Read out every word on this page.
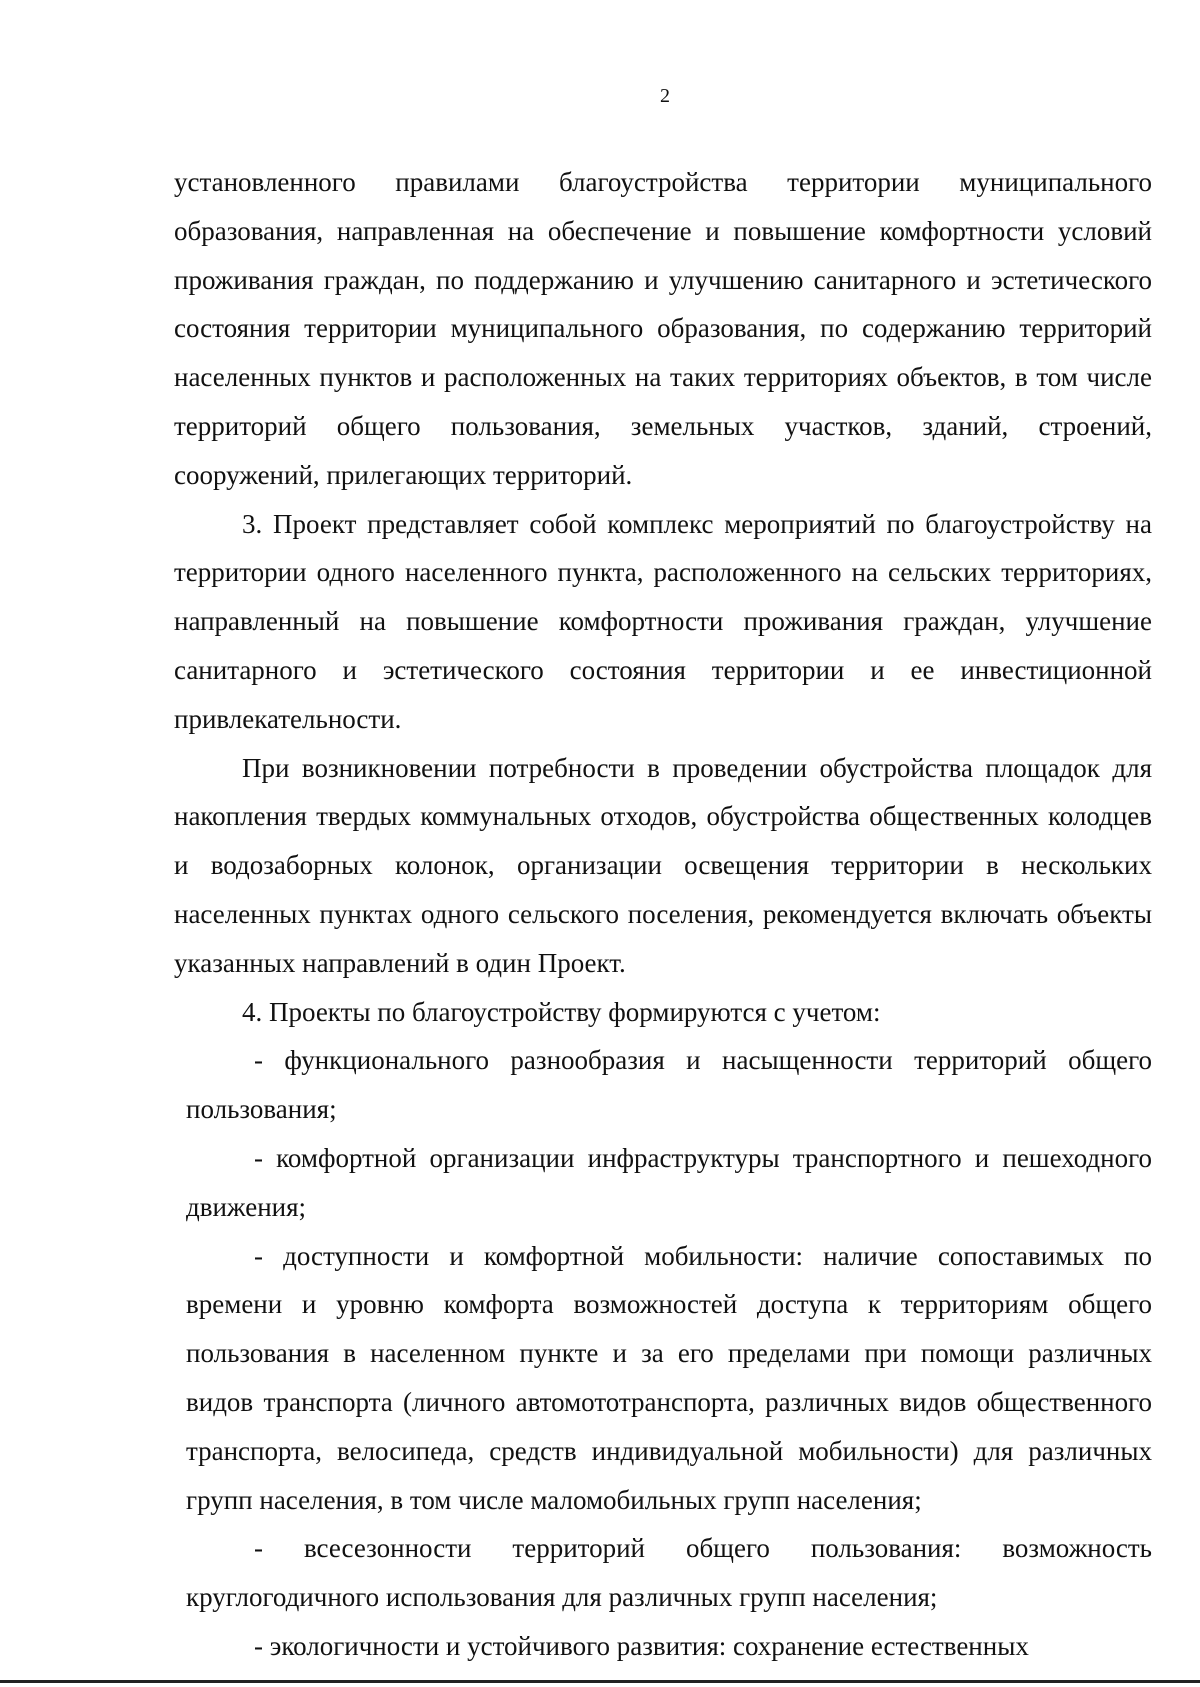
2

установленного правилами благоустройства территории муниципального образования, направленная на обеспечение и повышение комфортности условий проживания граждан, по поддержанию и улучшению санитарного и эстетического состояния территории муниципального образования, по содержанию территорий населенных пунктов и расположенных на таких территориях объектов, в том числе территорий общего пользования, земельных участков, зданий, строений, сооружений, прилегающих территорий.

3. Проект представляет собой комплекс мероприятий по благоустройству на территории одного населенного пункта, расположенного на сельских территориях, направленный на повышение комфортности проживания граждан, улучшение санитарного и эстетического состояния территории и ее инвестиционной привлекательности.

При возникновении потребности в проведении обустройства площадок для накопления твердых коммунальных отходов, обустройства общественных колодцев и водозаборных колонок, организации освещения территории в нескольких населенных пунктах одного сельского поселения, рекомендуется включать объекты указанных направлений в один Проект.

4. Проекты по благоустройству формируются с учетом:

- функционального разнообразия и насыщенности территорий общего пользования;

- комфортной организации инфраструктуры транспортного и пешеходного движения;

- доступности и комфортной мобильности: наличие сопоставимых по времени и уровню комфорта возможностей доступа к территориям общего пользования в населенном пункте и за его пределами при помощи различных видов транспорта (личного автомототранспорта, различных видов общественного транспорта, велосипеда, средств индивидуальной мобильности) для различных групп населения, в том числе маломобильных групп населения;

- всесезонности территорий общего пользования: возможность круглогодичного использования для различных групп населения;

- экологичности и устойчивого развития: сохранение естественных
